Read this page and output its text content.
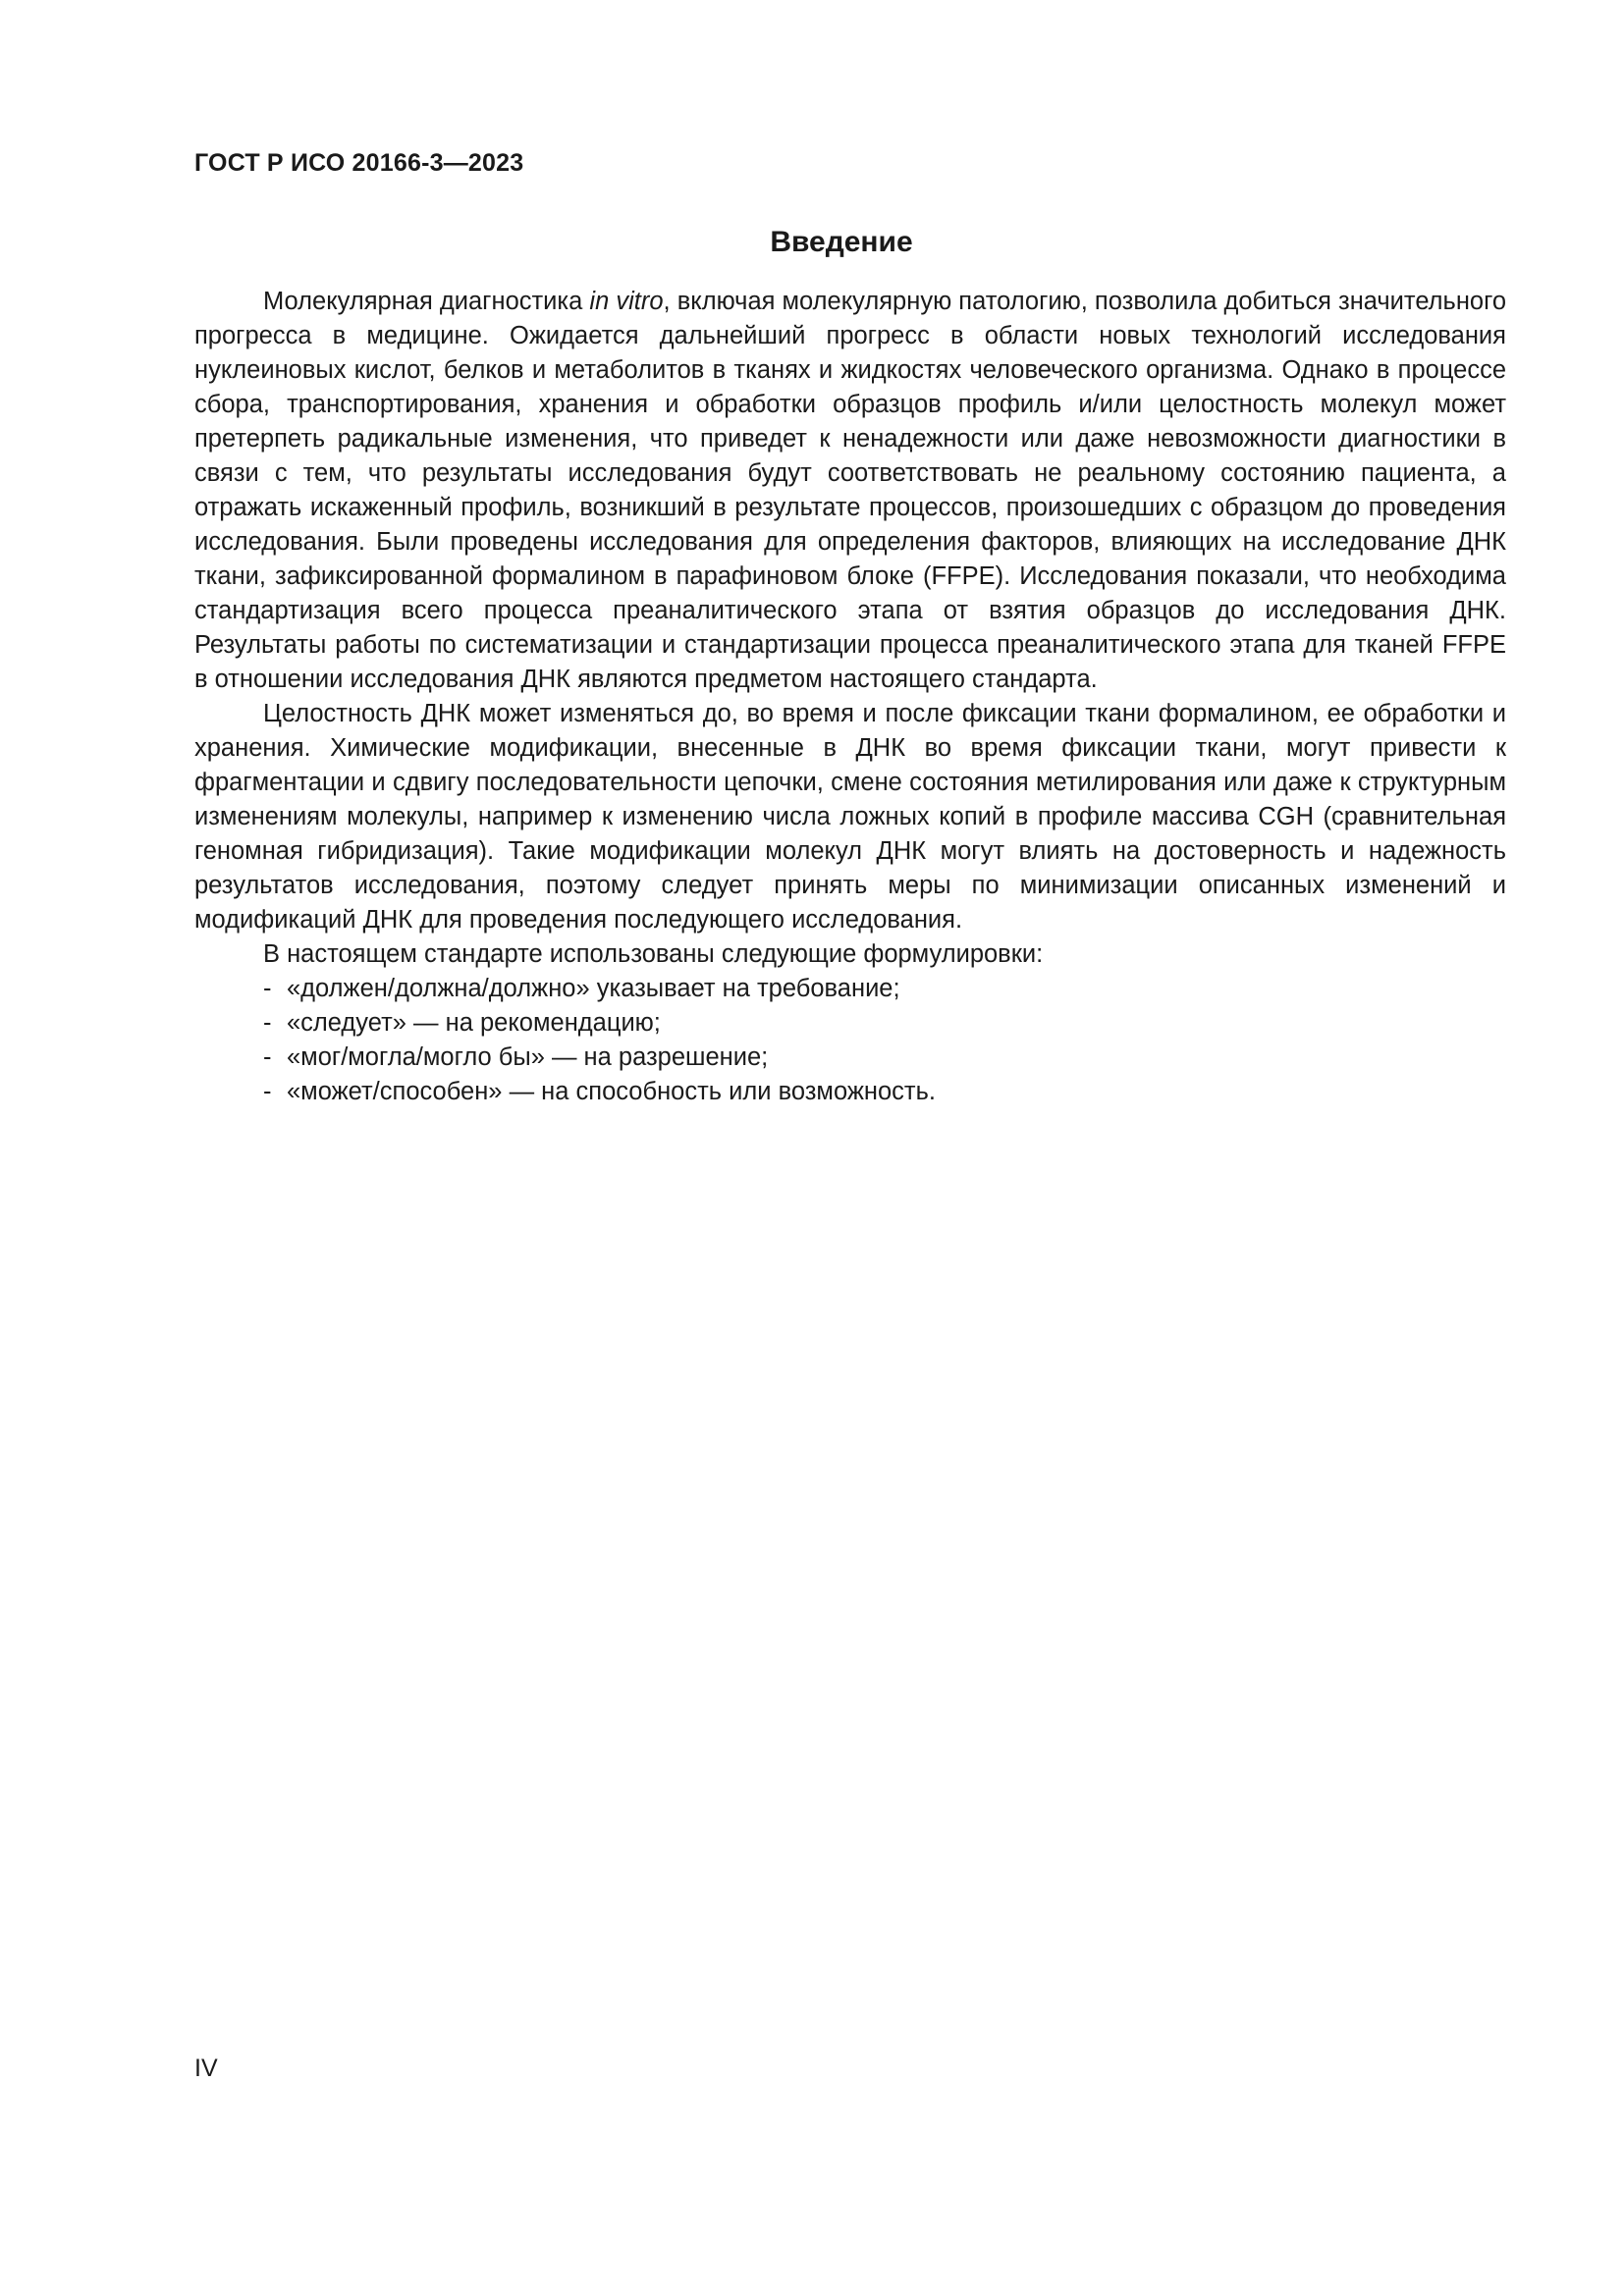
ГОСТ Р ИСО 20166-3—2023
Введение

Молекулярная диагностика in vitro, включая молекулярную патологию, позволила добиться значительного прогресса в медицине. Ожидается дальнейший прогресс в области новых технологий исследования нуклеиновых кислот, белков и метаболитов в тканях и жидкостях человеческого организма. Однако в процессе сбора, транспортирования, хранения и обработки образцов профиль и/или целостность молекул может претерпеть радикальные изменения, что приведет к ненадежности или даже невозможности диагностики в связи с тем, что результаты исследования будут соответствовать не реальному состоянию пациента, а отражать искаженный профиль, возникший в результате процессов, произошедших с образцом до проведения исследования. Были проведены исследования для определения факторов, влияющих на исследование ДНК ткани, зафиксированной формалином в парафиновом блоке (FFPE). Исследования показали, что необходима стандартизация всего процесса преаналитического этапа от взятия образцов до исследования ДНК. Результаты работы по систематизации и стандартизации процесса преаналитического этапа для тканей FFPE в отношении исследования ДНК являются предметом настоящего стандарта.

Целостность ДНК может изменяться до, во время и после фиксации ткани формалином, ее обработки и хранения. Химические модификации, внесенные в ДНК во время фиксации ткани, могут привести к фрагментации и сдвигу последовательности цепочки, смене состояния метилирования или даже к структурным изменениям молекулы, например к изменению числа ложных копий в профиле массива CGH (сравнительная геномная гибридизация). Такие модификации молекул ДНК могут влиять на достоверность и надежность результатов исследования, поэтому следует принять меры по минимизации описанных изменений и модификаций ДНК для проведения последующего исследования.

В настоящем стандарте использованы следующие формулировки:

- «должен/должна/должно» указывает на требование;
- «следует» — на рекомендацию;
- «мог/могла/могло бы» — на разрешение;
- «может/способен» — на способность или возможность.
IV
